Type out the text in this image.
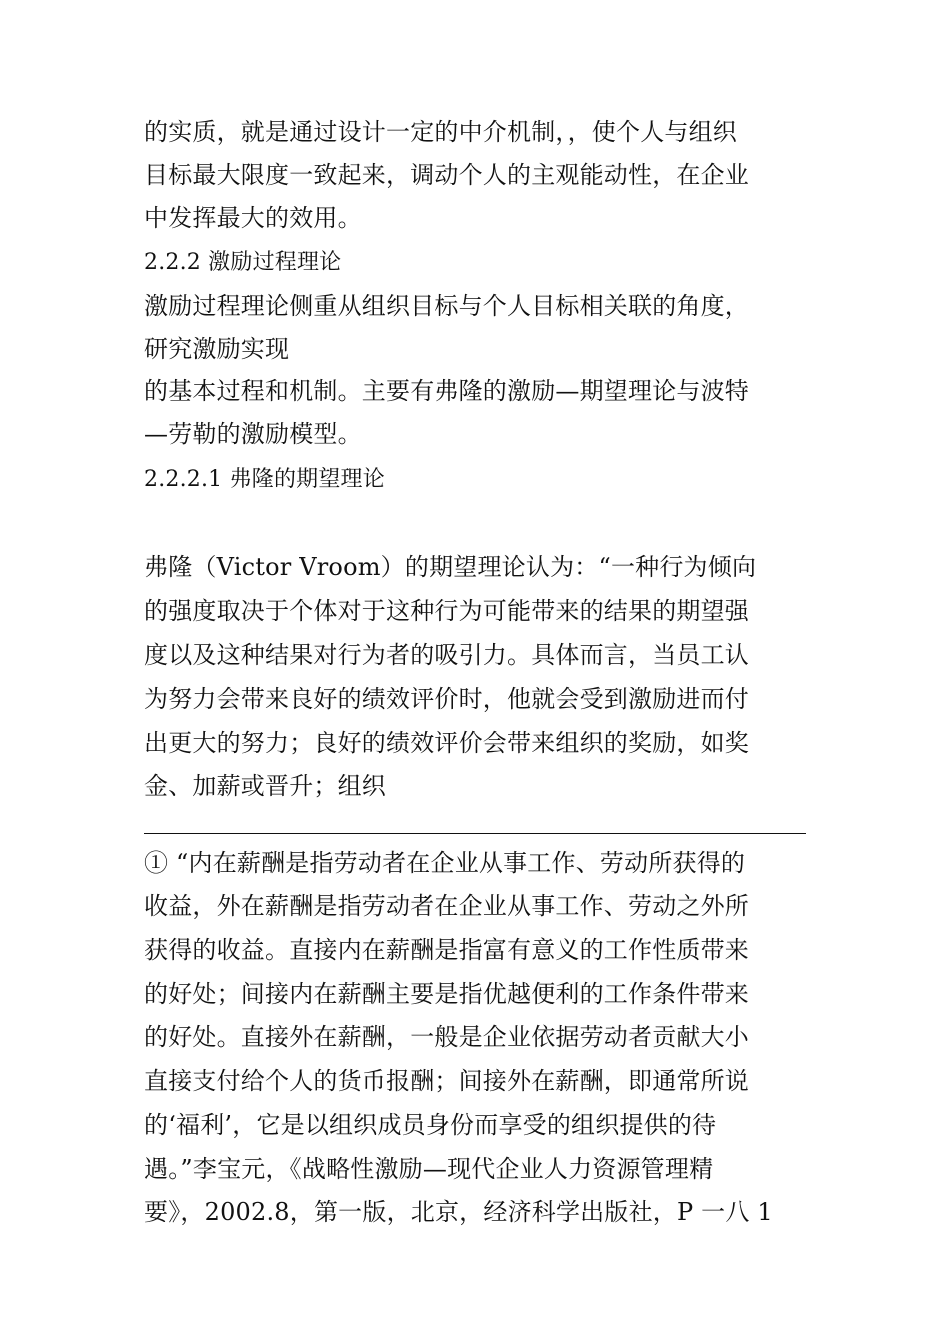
的实质，就是通过设计一定的中介机制，，使个人与组织
目标最大限度一致起来，调动个人的主观能动性，在企业
中发挥最大的效用。
2.2.2 激励过程理论
激励过程理论侧重从组织目标与个人目标相关联的角度，
研究激励实现
的基本过程和机制。主要有弗隆的激励—期望理论与波特
—劳勒的激励模型。
2.2.2.1 弗隆的期望理论
弗隆（Victor Vroom）的期望理论认为：“一种行为倾向
的强度取决于个体对于这种行为可能带来的结果的期望强
度以及这种结果对行为者的吸引力。具体而言，当员工认
为努力会带来良好的绩效评价时，他就会受到激励进而付
出更大的努力；良好的绩效评价会带来组织的奖励，如奖
金、加薪或晋升；组织
① “内在薪酬是指劳动者在企业从事工作、劳动所获得的
收益，外在薪酬是指劳动者在企业从事工作、劳动之外所
获得的收益。直接内在薪酬是指富有意义的工作性质带来
的好处；间接内在薪酬主要是指优越便利的工作条件带来
的好处。直接外在薪酬，一般是企业依据劳动者贡献大小
直接支付给个人的货币报酬；间接外在薪酬，即通常所说
的‘福利’，它是以组织成员身份而享受的组织提供的待
遇。”李宝元，《战略性激励—现代企业人力资源管理精
要》，2002.8，第一版，北京，经济科学出版社，P 一八 1
